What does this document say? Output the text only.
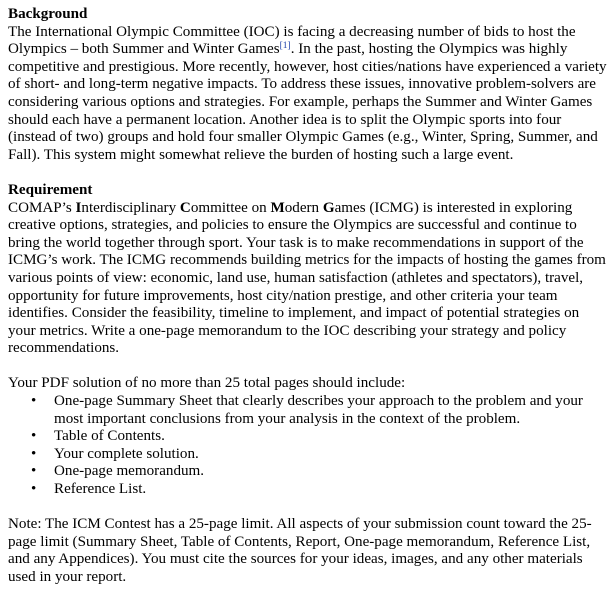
Background

The International Olympic Committee (IOC) is facing a decreasing number of bids to host the Olympics – both Summer and Winter Games[1]. In the past, hosting the Olympics was highly competitive and prestigious. More recently, however, host cities/nations have experienced a variety of short- and long-term negative impacts. To address these issues, innovative problem-solvers are considering various options and strategies. For example, perhaps the Summer and Winter Games should each have a permanent location. Another idea is to split the Olympic sports into four (instead of two) groups and hold four smaller Olympic Games (e.g., Winter, Spring, Summer, and Fall). This system might somewhat relieve the burden of hosting such a large event.

Requirement

COMAP’s Interdisciplinary Committee on Modern Games (ICMG) is interested in exploring creative options, strategies, and policies to ensure the Olympics are successful and continue to bring the world together through sport. Your task is to make recommendations in support of the ICMG’s work. The ICMG recommends building metrics for the impacts of hosting the games from various points of view: economic, land use, human satisfaction (athletes and spectators), travel, opportunity for future improvements, host city/nation prestige, and other criteria your team identifies. Consider the feasibility, timeline to implement, and impact of potential strategies on your metrics. Write a one-page memorandum to the IOC describing your strategy and policy recommendations.

Your PDF solution of no more than 25 total pages should include:

• One-page Summary Sheet that clearly describes your approach to the problem and your most important conclusions from your analysis in the context of the problem.
• Table of Contents.
• Your complete solution.
• One-page memorandum.
• Reference List.

Note: The ICM Contest has a 25-page limit. All aspects of your submission count toward the 25-page limit (Summary Sheet, Table of Contents, Report, One-page memorandum, Reference List, and any Appendices). You must cite the sources for your ideas, images, and any other materials used in your report.
